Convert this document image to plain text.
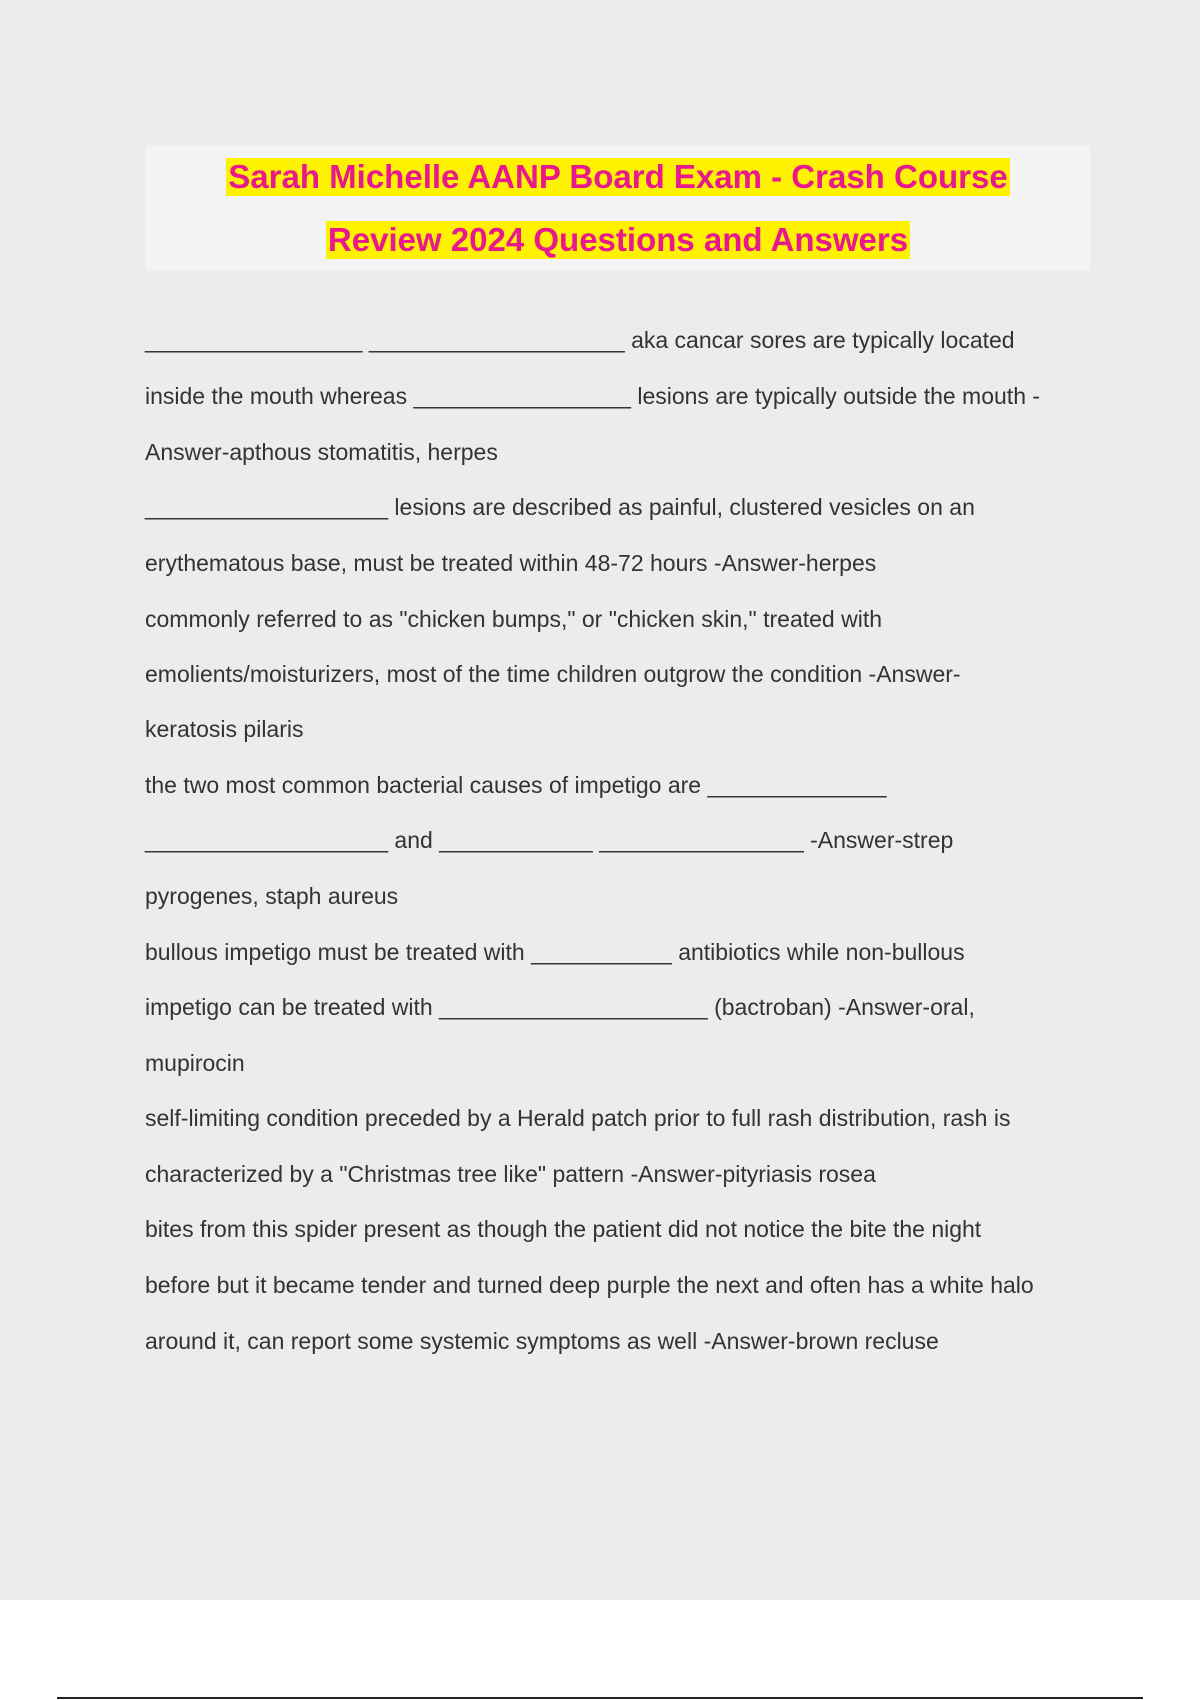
Sarah Michelle AANP Board Exam - Crash Course
Review 2024 Questions and Answers
_________________ ____________________ aka cancar sores are typically located
inside the mouth whereas _________________ lesions are typically outside the mouth -
Answer-apthous stomatitis, herpes
___________________ lesions are described as painful, clustered vesicles on an
erythematous base, must be treated within 48-72 hours -Answer-herpes
commonly referred to as "chicken bumps," or "chicken skin," treated with
emolients/moisturizers, most of the time children outgrow the condition -Answer-
keratosis pilaris
the two most common bacterial causes of impetigo are ______________
___________________ and ____________ ________________ -Answer-strep
pyrogenes, staph aureus
bullous impetigo must be treated with ___________ antibiotics while non-bullous
impetigo can be treated with _____________________ (bactroban) -Answer-oral,
mupirocin
self-limiting condition preceded by a Herald patch prior to full rash distribution, rash is
characterized by a "Christmas tree like" pattern -Answer-pityriasis rosea
bites from this spider present as though the patient did not notice the bite the night
before but it became tender and turned deep purple the next and often has a white halo
around it, can report some systemic symptoms as well -Answer-brown recluse
